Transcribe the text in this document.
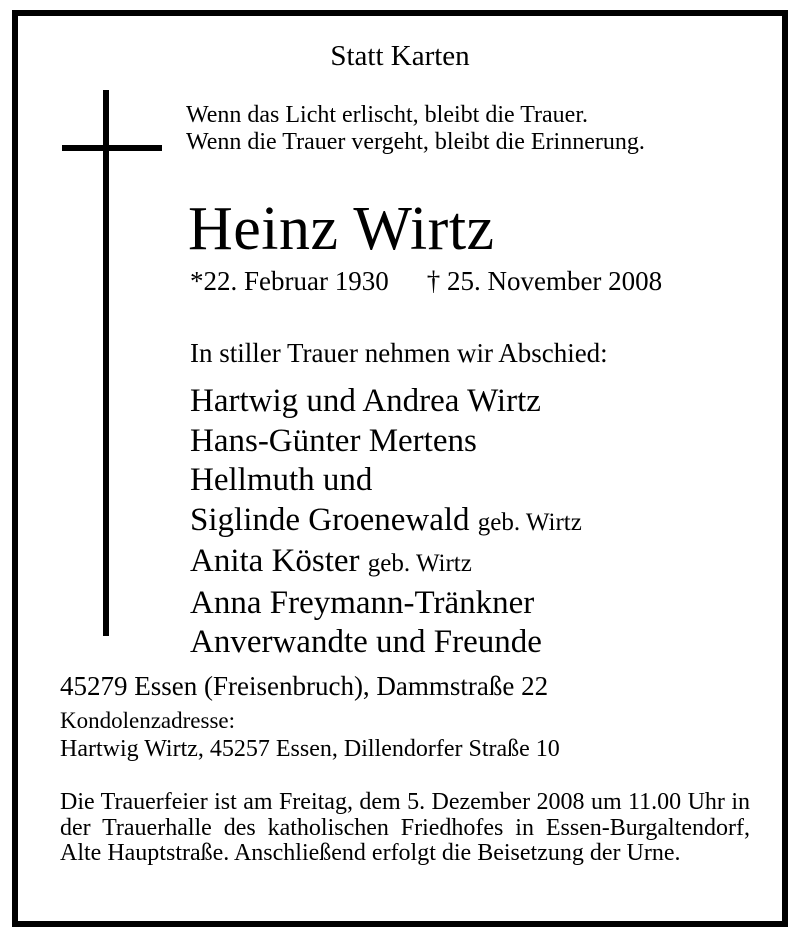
Statt Karten
Wenn das Licht erlischt, bleibt die Trauer.
Wenn die Trauer vergeht, bleibt die Erinnerung.
Heinz Wirtz
*22. Februar 1930 † 25. November 2008
In stiller Trauer nehmen wir Abschied:
Hartwig und Andrea Wirtz
Hans-Günter Mertens
Hellmuth und
Siglinde Groenewald geb. Wirtz
Anita Köster geb. Wirtz
Anna Freymann-Tränkner
Anverwandte und Freunde
45279 Essen (Freisenbruch), Dammstraße 22
Kondolenzadresse:
Hartwig Wirtz, 45257 Essen, Dillendorfer Straße 10
Die Trauerfeier ist am Freitag, dem 5. Dezember 2008 um 11.00 Uhr in der Trauerhalle des katholischen Friedhofes in Essen-Burgaltendorf, Alte Hauptstraße. Anschließend erfolgt die Beisetzung der Urne.
